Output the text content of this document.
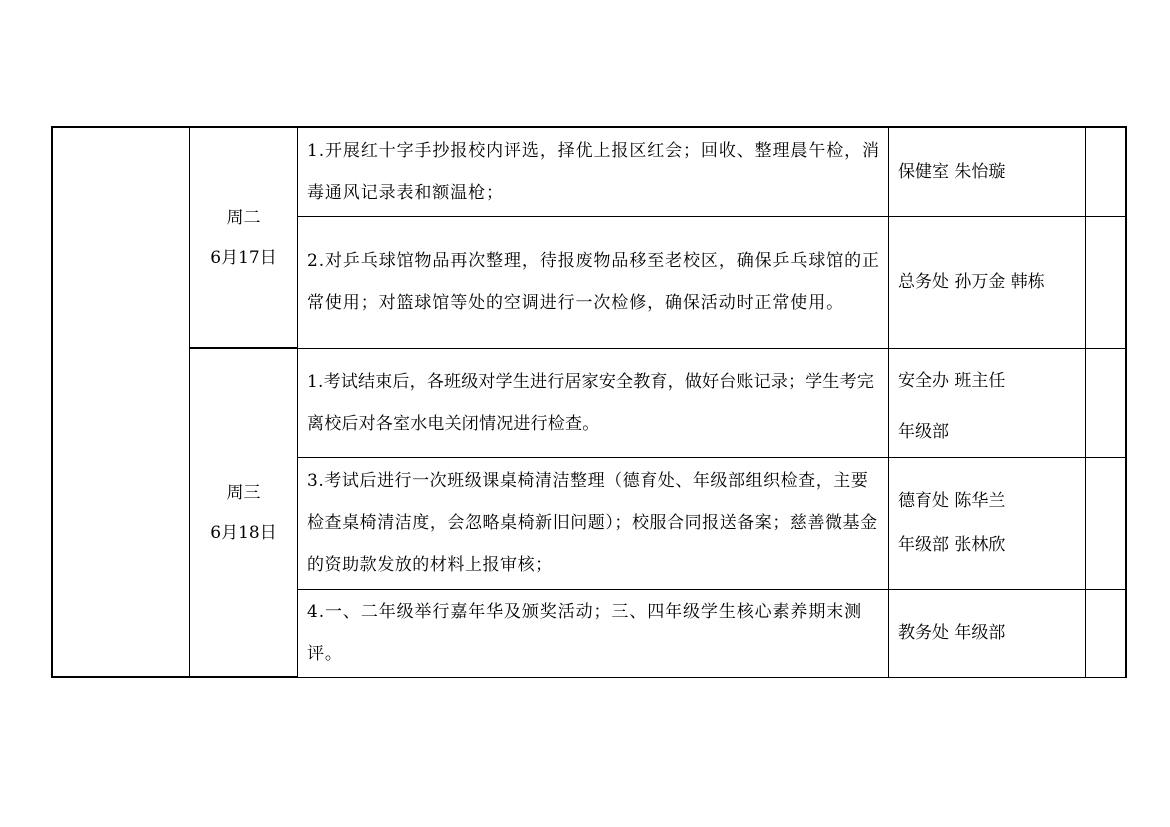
	周二
6月17日	1.开展红十字手抄报校内评选，择优上报区红会；回收、整理晨午检，消毒通风记录表和额温枪；	保健室 朱怡璇	

		2.对乒乓球馆物品再次整理，待报废物品移至老校区，确保乒乓球馆的正常使用；对篮球馆等处的空调进行一次检修，确保活动时正常使用。	总务处 孙万金 韩栋	

	周三
6月18日	1.考试结束后，各班级对学生进行居家安全教育，做好台账记录；学生考完离校后对各室水电关闭情况进行检查。	安全办 班主任
年级部	

		3.考试后进行一次班级课桌椅清洁整理（德育处、年级部组织检查，主要检查桌椅清洁度，会忽略桌椅新旧问题）；校服合同报送备案；慈善微基金的资助款发放的材料上报审核；	德育处 陈华兰
年级部 张林欣	

		4.一、二年级举行嘉年华及颁奖活动；三、四年级学生核心素养期末测评。	教务处 年级部	
